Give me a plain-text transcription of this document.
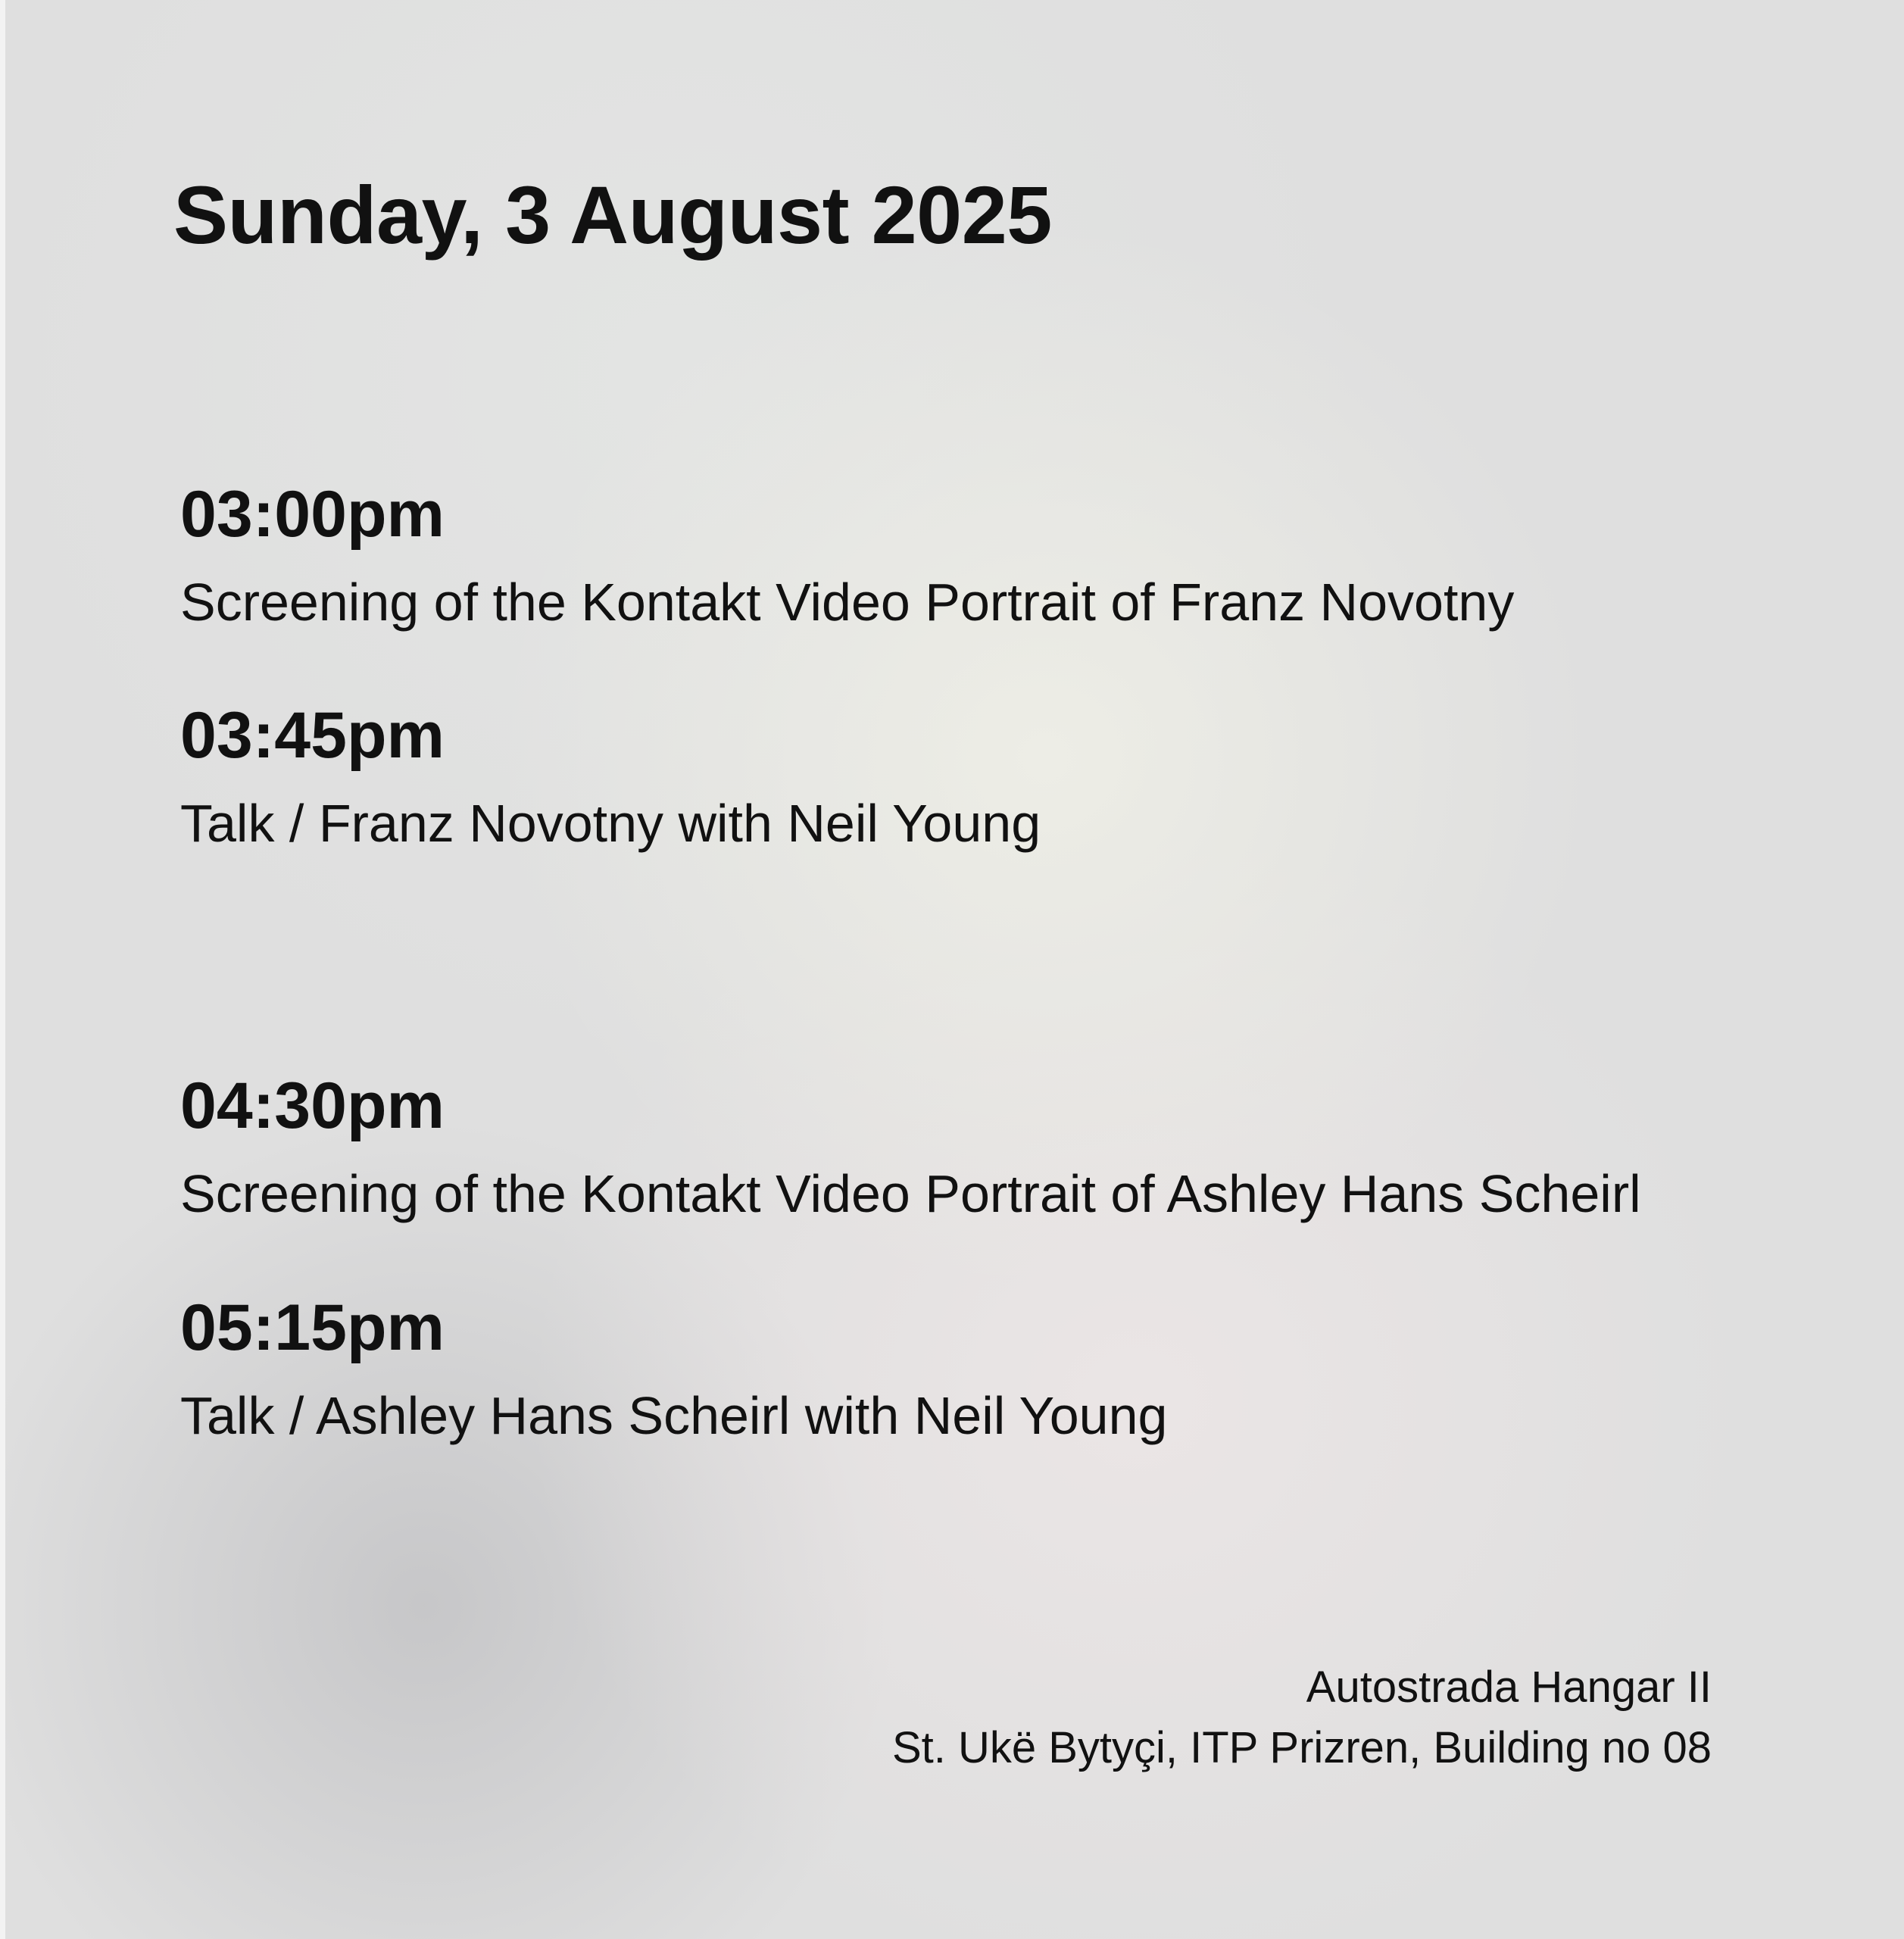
Sunday, 3 August 2025
03:00pm
Screening of the Kontakt Video Portrait of Franz Novotny
03:45pm
Talk / Franz Novotny with Neil Young
04:30pm
Screening of the Kontakt Video Portrait of Ashley Hans Scheirl
05:15pm
Talk / Ashley Hans Scheirl with Neil Young
Autostrada Hangar II
St. Ukë Bytyçi, ITP Prizren, Building no 08
